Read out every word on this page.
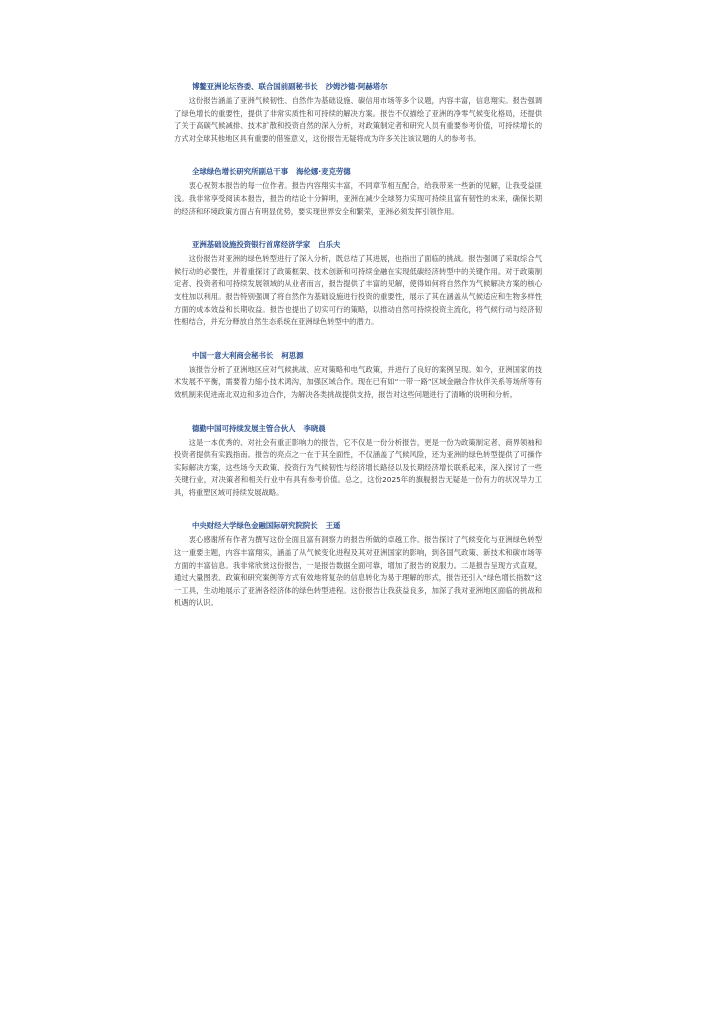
博鳌亚洲论坛咨委、联合国前副秘书长 沙姆沙德·阿赫塔尔

这份报告涵盖了亚洲气候韧性、自然作为基础设施、碳信用市场等多个议题，内容丰富，信息翔实。报告强调了绿色增长的重要性，提供了非常实质性和可持续的解决方案。报告不仅描绘了亚洲的净零气候变化格局，还提供了关于高碳气候减排、技术扩散和投资自然的深入分析，对政策制定者和研究人员有重要参考价值，可持续增长的方式对全球其他地区具有重要的借鉴意义，这份报告无疑将成为许多关注该议题的人的参考书。

全球绿色增长研究所副总干事 海伦娜·麦克劳德

衷心祝贺本报告的每一位作者。报告内容翔实丰富，不同章节相互配合，给我带来一些新的见解，让我受益匪浅。我非常享受阅读本报告，报告的结论十分鲜明，亚洲在减少全球努力实现可持续且富有韧性的未来，确保长期的经济和环境政策方面占有明显优势，要实现世界安全和繁荣，亚洲必须发挥引领作用。

亚洲基础设施投资银行首席经济学家 白乐夫

这份报告对亚洲的绿色转型进行了深入分析，既总结了其进展，也指出了面临的挑战。报告强调了采取综合气候行动的必要性，并着重探讨了政策框架、技术创新和可持续金融在实现低碳经济转型中的关键作用。对于政策制定者、投资者和可持续发展领域的从业者而言，报告提供了丰富的见解，使得如何将自然作为气候解决方案的核心支柱加以利用。报告特别强调了将自然作为基础设施进行投资的重要性，展示了其在涵盖从气候适应和生物多样性方面的成本效益和长期收益。报告也提出了切实可行的策略，以推动自然可持续投资主流化，将气候行动与经济韧性相结合，并充分释放自然生态系统在亚洲绿色转型中的潜力。

中国一意大利商会秘书长 柯思源

该报告分析了亚洲地区应对气候挑战、应对策略和电气政策，并进行了良好的案例呈现。如今，亚洲国家的技术发展不平衡，需要着力缩小技术鸿沟，加强区域合作。现在已有如“一带一路”区域金融合作伙伴关系等场所等有效机制来促进南北双边和多边合作，为解决各类挑战提供支持，报告对这些问题进行了清晰的说明和分析。

德勤中国可持续发展主管合伙人 李晓晨

这是一本优秀的、对社会有重正影响力的报告，它不仅是一份分析报告，更是一份为政策制定者、商界领袖和投资者提供有实践指南。报告的亮点之一在于其全面性，不仅涵盖了气候风险，还为亚洲的绿色转型提供了可操作实际解决方案，这些场今天政策、投资行为气候韧性与经济增长路径以及长期经济增长联系起来，深入探讨了一些关键行业，对决策者和相关行业中有具有参考价值。总之，这份2025年的旗舰报告无疑是一份有力的状况导力工具，将重塑区域可持续发展战略。

中央财经大学绿色金融国际研究院院长 王遥

衷心感谢所有作者为撰写这份全面且富有洞察力的报告所做的卓越工作。报告探讨了气候变化与亚洲绿色转型这一重要主题，内容丰富翔实，涵盖了从气候变化进程及其对亚洲国家的影响，到各国气政策、新技术和碳市场等方面的丰富信息。我非常欣赏这份报告，一是报告数据全面可靠，增加了报告的说服力。二是报告呈现方式直观，通过大量图表、政策和研究案例等方式有效地将复杂的信息转化为易于理解的形式，报告还引入“绿色增长指数”这一工具，生动地展示了亚洲各经济体的绿色转型进程。这份报告让我获益良多，加深了我对亚洲地区面临的挑战和机遇的认识。
